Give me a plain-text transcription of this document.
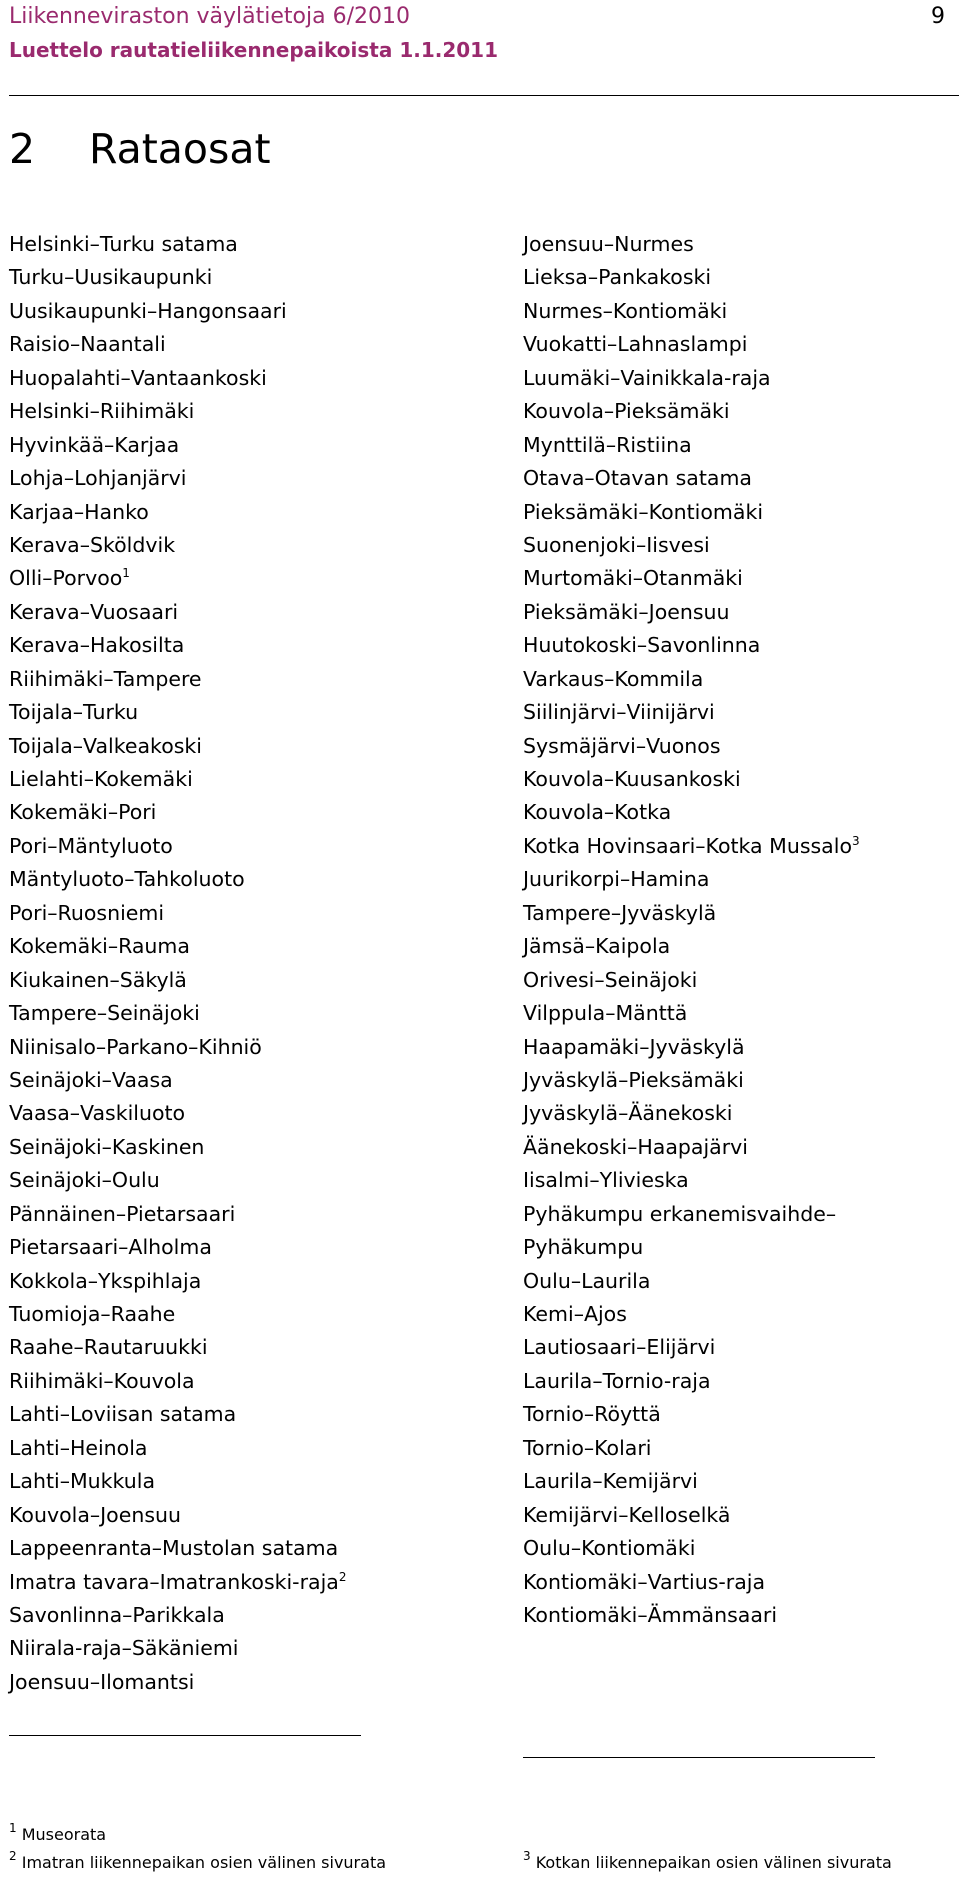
Liikenneviraston väylätietoja 6/2010
Luettelo rautatieliikennepaikoista 1.1.2011
9
2 Rataosat
Helsinki–Turku satama
Turku–Uusikaupunki
Uusikaupunki–Hangonsaari
Raisio–Naantali
Huopalahti–Vantaankoski
Helsinki–Riihimäki
Hyvinkää–Karjaa
Lohja–Lohjanjärvi
Karjaa–Hanko
Kerava–Sköldvik
Olli–Porvoo$^1$
Kerava–Vuosaari
Kerava–Hakosilta
Riihimäki–Tampere
Toijala–Turku
Toijala–Valkeakoski
Lielahti–Kokemäki
Kokemäki–Pori
Pori–Mäntyluoto
Mäntyluoto–Tahkoluoto
Pori–Ruosniemi
Kokemäki–Rauma
Kiukainen–Säkylä
Tampere–Seinäjoki
Niinisalo–Parkano–Kihniö
Seinäjoki–Vaasa
Vaasa–Vaskiluoto
Seinäjoki–Kaskinen
Seinäjoki–Oulu
Pännäinen–Pietarsaari
Pietarsaari–Alholma
Kokkola–Ykspihlaja
Tuomioja–Raahe
Raahe–Rautaruukki
Riihimäki–Kouvola
Lahti–Loviisan satama
Lahti–Heinola
Lahti–Mukkula
Kouvola–Joensuu
Lappeenranta–Mustolan satama
Imatra tavara–Imatrankoski-raja$^2$
Savonlinna–Parikkala
Niirala-raja–Säkäniemi
Joensuu–Ilomantsi
Joensuu–Nurmes
Lieksa–Pankakoski
Nurmes–Kontiomäki
Vuokatti–Lahnaslampi
Luumäki–Vainikkala-raja
Kouvola–Pieksämäki
Mynttilä–Ristiina
Otava–Otavan satama
Pieksämäki–Kontiomäki
Suonenjoki–Iisvesi
Murtomäki–Otanmäki
Pieksämäki–Joensuu
Huutokoski–Savonlinna
Varkaus–Kommila
Siilinjärvi–Viinijärvi
Sysmäjärvi–Vuonos
Kouvola–Kuusankoski
Kouvola–Kotka
Kotka Hovinsaari–Kotka Mussalo$^3$
Juurikorpi–Hamina
Tampere–Jyväskylä
Jämsä–Kaipola
Orivesi–Seinäjoki
Vilppula–Mänttä
Haapamäki–Jyväskylä
Jyväskylä–Pieksämäki
Jyväskylä–Äänekoski
Äänekoski–Haapajärvi
Iisalmi–Ylivieska
Pyhäkumpu erkanemisvaihde–
Pyhäkumpu
Oulu–Laurila
Kemi–Ajos
Lautiosaari–Elijärvi
Laurila–Tornio-raja
Tornio–Röyttä
Tornio–Kolari
Laurila–Kemijärvi
Kemijärvi–Kelloselkä
Oulu–Kontiomäki
Kontiomäki–Vartius-raja
Kontiomäki–Ämmänsaari
$^1$ Museorata
$^2$ Imatran liikennepaikan osien välinen sivurata	$^3$ Kotkan liikennepaikan osien välinen sivurata
